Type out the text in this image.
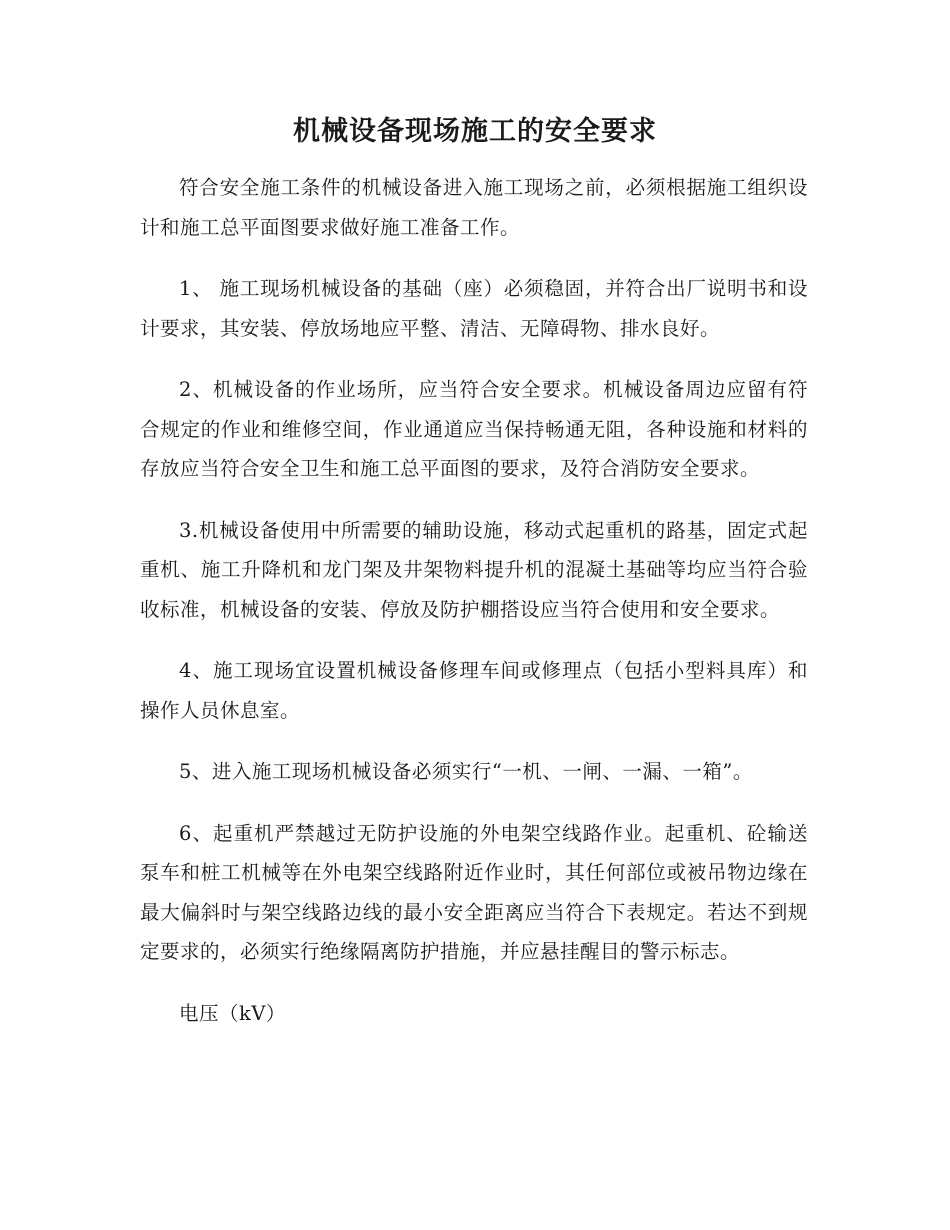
机械设备现场施工的安全要求

符合安全施工条件的机械设备进入施工现场之前，必须根据施工组织设计和施工总平面图要求做好施工准备工作。

1、 施工现场机械设备的基础（座）必须稳固，并符合出厂说明书和设计要求，其安装、停放场地应平整、清洁、无障碍物、排水良好。

2、机械设备的作业场所，应当符合安全要求。机械设备周边应留有符合规定的作业和维修空间，作业通道应当保持畅通无阻，各种设施和材料的存放应当符合安全卫生和施工总平面图的要求，及符合消防安全要求。

3.机械设备使用中所需要的辅助设施，移动式起重机的路基，固定式起重机、施工升降机和龙门架及井架物料提升机的混凝土基础等均应当符合验收标准，机械设备的安装、停放及防护棚搭设应当符合使用和安全要求。

4、施工现场宜设置机械设备修理车间或修理点（包括小型料具库）和操作人员休息室。

5、进入施工现场机械设备必须实行“一机、一闸、一漏、一箱”。

6、起重机严禁越过无防护设施的外电架空线路作业。起重机、砼输送泵车和桩工机械等在外电架空线路附近作业时，其任何部位或被吊物边缘在最大偏斜时与架空线路边线的最小安全距离应当符合下表规定。若达不到规定要求的，必须实行绝缘隔离防护措施，并应悬挂醒目的警示标志。

电压（kV）
